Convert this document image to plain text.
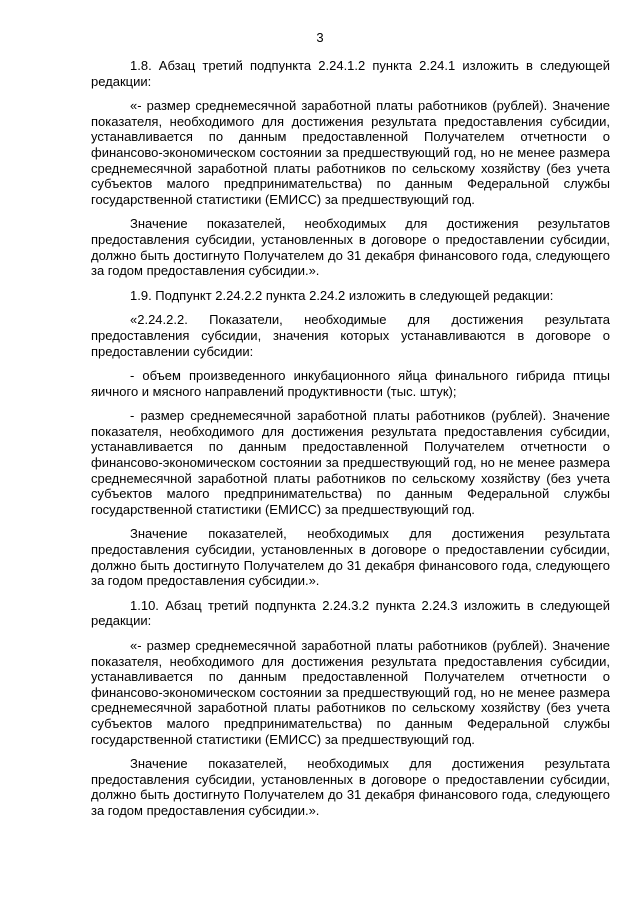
3

1.8. Абзац третий подпункта 2.24.1.2 пункта 2.24.1 изложить в следующей редакции:

«- размер среднемесячной заработной платы работников (рублей). Значение показателя, необходимого для достижения результата предоставления субсидии, устанавливается по данным предоставленной Получателем отчетности о финансово-экономическом состоянии за предшествующий год, но не менее размера среднемесячной заработной платы работников по сельскому хозяйству (без учета субъектов малого предпринимательства) по данным Федеральной службы государственной статистики (ЕМИСС) за предшествующий год.

Значение показателей, необходимых для достижения результатов предоставления субсидии, установленных в договоре о предоставлении субсидии, должно быть достигнуто Получателем до 31 декабря финансового года, следующего за годом предоставления субсидии.».

1.9. Подпункт 2.24.2.2 пункта 2.24.2 изложить в следующей редакции:

«2.24.2.2. Показатели, необходимые для достижения результата предоставления субсидии, значения которых устанавливаются в договоре о предоставлении субсидии:

- объем произведенного инкубационного яйца финального гибрида птицы яичного и мясного направлений продуктивности (тыс. штук);

- размер среднемесячной заработной платы работников (рублей). Значение показателя, необходимого для достижения результата предоставления субсидии, устанавливается по данным предоставленной Получателем отчетности о финансово-экономическом состоянии за предшествующий год, но не менее размера среднемесячной заработной платы работников по сельскому хозяйству (без учета субъектов малого предпринимательства) по данным Федеральной службы государственной статистики (ЕМИСС) за предшествующий год.

Значение показателей, необходимых для достижения результата предоставления субсидии, установленных в договоре о предоставлении субсидии, должно быть достигнуто Получателем до 31 декабря финансового года, следующего за годом предоставления субсидии.».

1.10. Абзац третий подпункта 2.24.3.2 пункта 2.24.3 изложить в следующей редакции:

«- размер среднемесячной заработной платы работников (рублей). Значение показателя, необходимого для достижения результата предоставления субсидии, устанавливается по данным предоставленной Получателем отчетности о финансово-экономическом состоянии за предшествующий год, но не менее размера среднемесячной заработной платы работников по сельскому хозяйству (без учета субъектов малого предпринимательства) по данным Федеральной службы государственной статистики (ЕМИСС) за предшествующий год.

Значение показателей, необходимых для достижения результата предоставления субсидии, установленных в договоре о предоставлении субсидии, должно быть достигнуто Получателем до 31 декабря финансового года, следующего за годом предоставления субсидии.».
